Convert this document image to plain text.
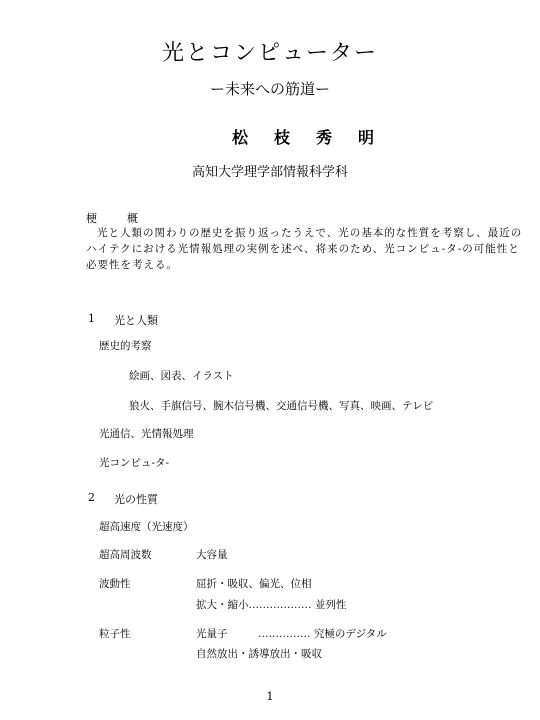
光とコンピューター
ー未来への筋道ー
松枝秀明
高知大学理学部情報科学科
梗概
光と人類の関わりの歴史を振り返ったうえで、光の基本的な性質を考察し、最近の
ハイテクにおける光情報処理の実例を述べ、将来のため、光コンピュ-タ-の可能性と
必要性を考える。
1 光と人類
歴史的考察
絵画、図表、イラスト
狼火、手旗信号、腕木信号機、交通信号機、写真、映画、テレビ
光通信、光情報処理
光コンピュ-タ-
2 光の性質
超高速度（光速度）
超高周波数	大容量
波動性	屈折・吸収、偏光、位相
拡大・縮小……………… 並列性
粒子性	光量子	…………… 究極のデジタル
自然放出・誘導放出・吸収
1
